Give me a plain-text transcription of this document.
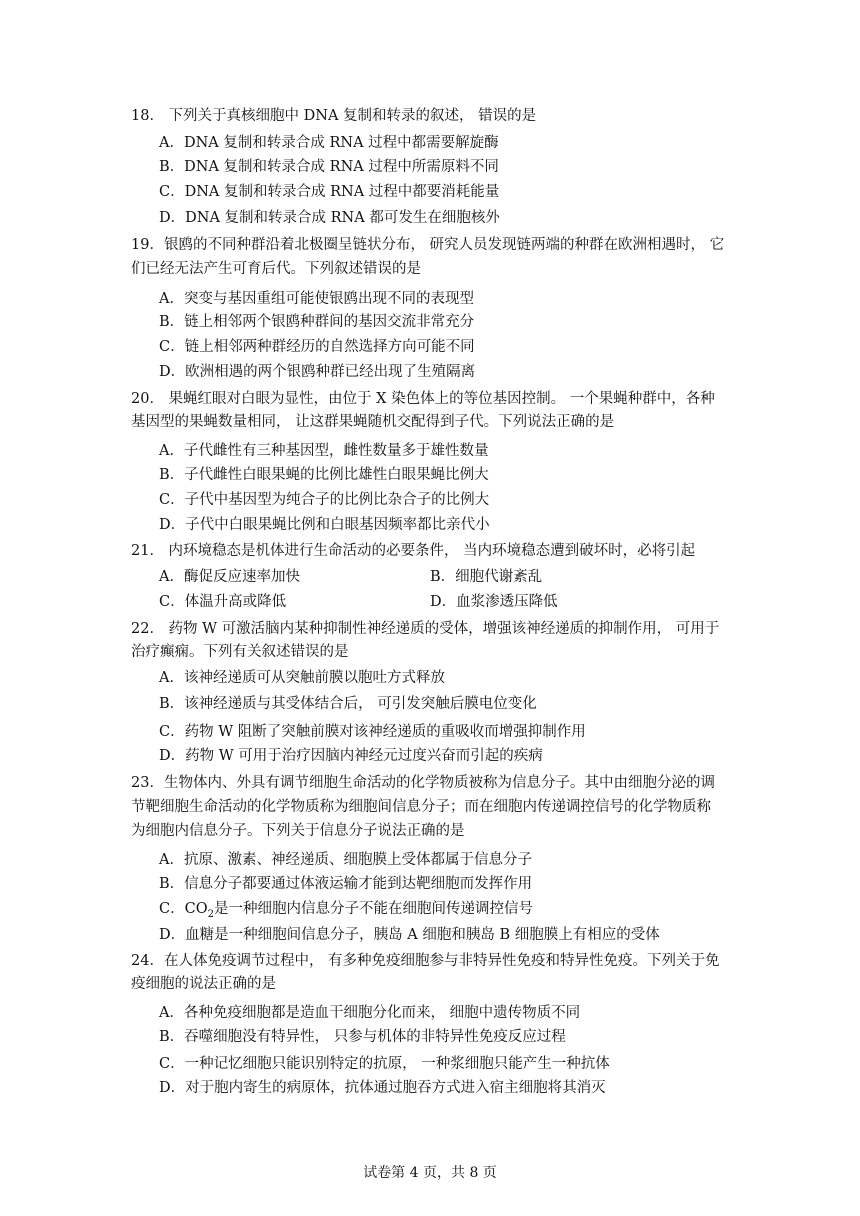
18． 下列关于真核细胞中 DNA 复制和转录的叙述， 错误的是
A．DNA 复制和转录合成 RNA 过程中都需要解旋酶
B．DNA 复制和转录合成 RNA 过程中所需原料不同
C．DNA 复制和转录合成 RNA 过程中都要消耗能量
D．DNA 复制和转录合成 RNA 都可发生在细胞核外
19．银鸥的不同种群沿着北极圈呈链状分布， 研究人员发现链两端的种群在欧洲相遇时， 它
们已经无法产生可育后代。下列叙述错误的是
A．突变与基因重组可能使银鸥出现不同的表现型
B．链上相邻两个银鸥种群间的基因交流非常充分
C．链上相邻两种群经历的自然选择方向可能不同
D．欧洲相遇的两个银鸥种群已经出现了生殖隔离
20． 果蝇红眼对白眼为显性，由位于 X 染色体上的等位基因控制。 一个果蝇种群中，各种
基因型的果蝇数量相同， 让这群果蝇随机交配得到子代。下列说法正确的是
A．子代雌性有三种基因型，雌性数量多于雄性数量
B．子代雌性白眼果蝇的比例比雄性白眼果蝇比例大
C．子代中基因型为纯合子的比例比杂合子的比例大
D．子代中白眼果蝇比例和白眼基因频率都比亲代小
21． 内环境稳态是机体进行生命活动的必要条件， 当内环境稳态遭到破坏时，必将引起
A．酶促反应速率加快	B．细胞代谢紊乱
C．体温升高或降低	D．血浆渗透压降低
22． 药物 W 可激活脑内某种抑制性神经递质的受体，增强该神经递质的抑制作用， 可用于
治疗癫痫。下列有关叙述错误的是
A．该神经递质可从突触前膜以胞吐方式释放
B．该神经递质与其受体结合后， 可引发突触后膜电位变化
C．药物 W 阻断了突触前膜对该神经递质的重吸收而增强抑制作用
D．药物 W 可用于治疗因脑内神经元过度兴奋而引起的疾病
23．生物体内、外具有调节细胞生命活动的化学物质被称为信息分子。其中由细胞分泌的调
节靶细胞生命活动的化学物质称为细胞间信息分子；而在细胞内传递调控信号的化学物质称
为细胞内信息分子。下列关于信息分子说法正确的是
A．抗原、激素、神经递质、细胞膜上受体都属于信息分子
B．信息分子都要通过体液运输才能到达靶细胞而发挥作用
C．$CO_2$是一种细胞内信息分子不能在细胞间传递调控信号
D．血糖是一种细胞间信息分子，胰岛 A 细胞和胰岛 B 细胞膜上有相应的受体
24．在人体免疫调节过程中， 有多种免疫细胞参与非特异性免疫和特异性免疫。下列关于免
疫细胞的说法正确的是
A．各种免疫细胞都是造血干细胞分化而来， 细胞中遗传物质不同
B．吞噬细胞没有特异性， 只参与机体的非特异性免疫反应过程
C．一种记忆细胞只能识别特定的抗原， 一种浆细胞只能产生一种抗体
D．对于胞内寄生的病原体，抗体通过胞吞方式进入宿主细胞将其消灭
试卷第 4 页，共 8 页
